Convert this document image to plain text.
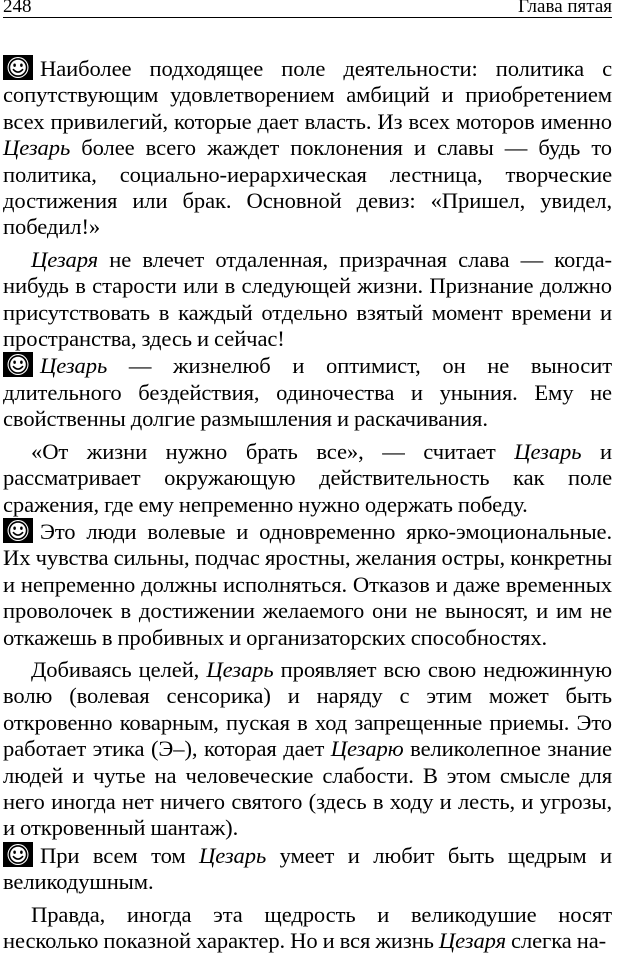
248	Глава пятая

Наиболее подходящее поле деятельности: политика с сопутствующим удовлетворением амбиций и приобретением всех привилегий, которые дает власть. Из всех моторов именно Цезарь более всего жаждет поклонения и славы — будь то политика, социально-иерархическая лестница, творческие достижения или брак. Основной девиз: «Пришел, увидел, победил!»

Цезаря не влечет отдаленная, призрачная слава — когда-нибудь в старости или в следующей жизни. Признание должно присутствовать в каждый отдельно взятый момент времени и пространства, здесь и сейчас!

Цезарь — жизнелюб и оптимист, он не выносит длительного бездействия, одиночества и уныния. Ему не свойственны долгие размышления и раскачивания.

«От жизни нужно брать все», — считает Цезарь и рассматривает окружающую действительность как поле сражения, где ему непременно нужно одержать победу.

Это люди волевые и одновременно ярко-эмоциональные. Их чувства сильны, подчас яростны, желания остры, конкретны и непременно должны исполняться. Отказов и даже временных проволочек в достижении желаемого они не выносят, и им не откажешь в пробивных и организаторских способностях.

Добиваясь целей, Цезарь проявляет всю свою недюжинную волю (волевая сенсорика) и наряду с этим может быть откровенно коварным, пуская в ход запрещенные приемы. Это работает этика (Э–), которая дает Цезарю великолепное знание людей и чутье на человеческие слабости. В этом смысле для него иногда нет ничего святого (здесь в ходу и лесть, и угрозы, и откровенный шантаж).

При всем том Цезарь умеет и любит быть щедрым и великодушным.

Правда, иногда эта щедрость и великодушие носят несколько показной характер. Но и вся жизнь Цезаря слегка на-
